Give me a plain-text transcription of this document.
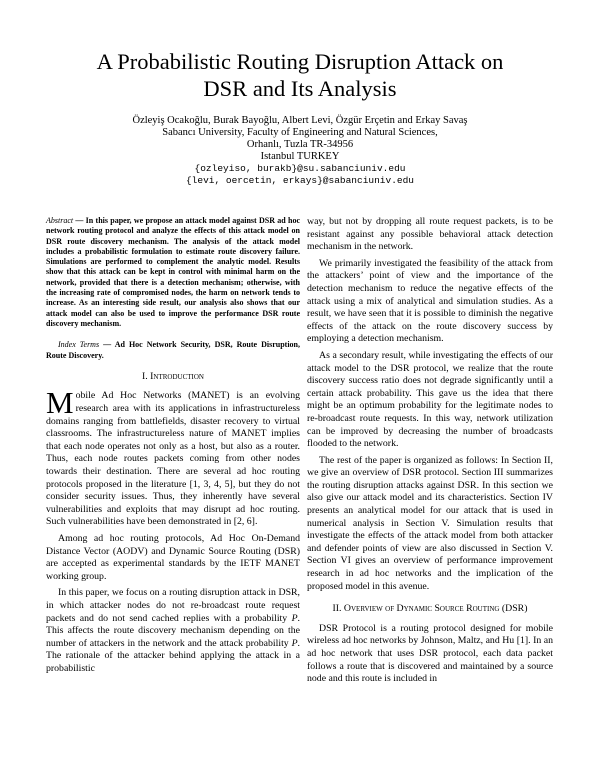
A Probabilistic Routing Disruption Attack on
DSR and Its Analysis
Özleyiş Ocakoğlu, Burak Bayoğlu, Albert Levi, Özgür Erçetin and Erkay Savaş
Sabancı University, Faculty of Engineering and Natural Sciences,
Orhanlı, Tuzla TR-34956
Istanbul TURKEY
{ozleyiso, burakb}@su.sabanciuniv.edu
{levi, oercetin, erkays}@sabanciuniv.edu
Abstract — In this paper, we propose an attack model against DSR ad hoc network routing protocol and analyze the effects of this attack model on DSR route discovery mechanism. The analysis of the attack model includes a probabilistic formulation to estimate route discovery failure. Simulations are performed to complement the analytic model. Results show that this attack can be kept in control with minimal harm on the network, provided that there is a detection mechanism; otherwise, with the increasing rate of compromised nodes, the harm on network tends to increase. As an interesting side result, our analysis also shows that our attack model can also be used to improve the performance DSR route discovery mechanism.
Index Terms — Ad Hoc Network Security, DSR, Route Disruption, Route Discovery.
I. Introduction

Mobile Ad Hoc Networks (MANET) is an evolving research area with its applications in infrastructureless domains ranging from battlefields, disaster recovery to virtual classrooms. The infrastructureless nature of MANET implies that each node operates not only as a host, but also as a router. Thus, each node routes packets coming from other nodes towards their destination. There are several ad hoc routing protocols proposed in the literature [1, 3, 4, 5], but they do not consider security issues. Thus, they inherently have several vulnerabilities and exploits that may disrupt ad hoc routing. Such vulnerabilities have been demonstrated in [2, 6].

Among ad hoc routing protocols, Ad Hoc On-Demand Distance Vector (AODV) and Dynamic Source Routing (DSR) are accepted as experimental standards by the IETF MANET working group.

In this paper, we focus on a routing disruption attack in DSR, in which attacker nodes do not re-broadcast route request packets and do not send cached replies with a probability P. This affects the route discovery mechanism depending on the number of attackers in the network and the attack probability P. The rationale of the attacker behind applying the attack in a probabilistic

way, but not by dropping all route request packets, is to be resistant against any possible behavioral attack detection mechanism in the network.

We primarily investigated the feasibility of the attack from the attackers’ point of view and the importance of the detection mechanism to reduce the negative effects of the attack using a mix of analytical and simulation studies. As a result, we have seen that it is possible to diminish the negative effects of the attack on the route discovery success by employing a detection mechanism.

As a secondary result, while investigating the effects of our attack model to the DSR protocol, we realize that the route discovery success ratio does not degrade significantly until a certain attack probability. This gave us the idea that there might be an optimum probability for the legitimate nodes to re-broadcast route requests. In this way, network utilization can be improved by decreasing the number of broadcasts flooded to the network.

The rest of the paper is organized as follows: In Section II, we give an overview of DSR protocol. Section III summarizes the routing disruption attacks against DSR. In this section we also give our attack model and its characteristics. Section IV presents an analytical model for our attack that is used in numerical analysis in Section V. Simulation results that investigate the effects of the attack model from both attacker and defender points of view are also discussed in Section V. Section VI gives an overview of performance improvement research in ad hoc networks and the implication of the proposed model in this avenue.

II. Overview of Dynamic Source Routing (DSR)

DSR Protocol is a routing protocol designed for mobile wireless ad hoc networks by Johnson, Maltz, and Hu [1]. In an ad hoc network that uses DSR protocol, each data packet follows a route that is discovered and maintained by a source node and this route is included in
